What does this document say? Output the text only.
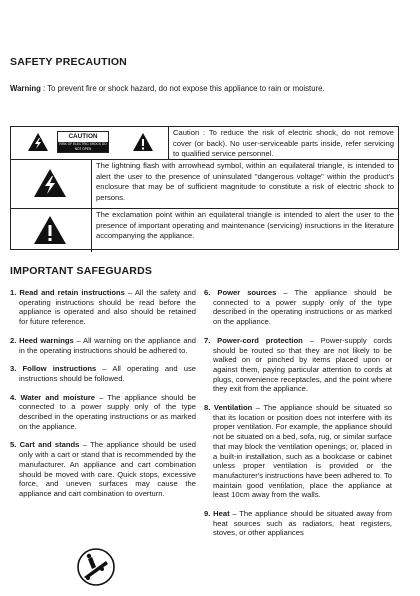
SAFETY PRECAUTION
Warning : To prevent fire or shock hazard, do not expose this appliance to rain or moisture.
CAUTION
RISK OF ELECTRIC SHOCK DO NOT OPEN
Caution : To reduce the risk of electric shock, do not remove cover (or back). No user-serviceable parts inside, refer servicing to qualified service personnel.
The lightning flash with arrowhead symbol, within an equilateral triangle, is intended to alert the user to the presence of uninsulated "dangerous voltage" within the product's enclosure that may be of sufficient magnitude to constitute a risk of electric shock to persons.
The exclamation point within an equilateral triangle is intended to alert the user to the presence of important operating and maintenance (servicing) insructions in the literature accompanying the appliance.
IMPORTANT SAFEGUARDS
1. Read and retain instructions – All the safety and operating instructions should be read before the appliance is operated and also should be retained for future reference.
2. Heed warnings – All warning on the appliance and in the operating instructions should be adhered to.
3. Follow instructions – All operating and use instructions should be followed.
4. Water and moisture – The appliance should be connected to a power supply only of the type described in the operating instructions or as marked on the appliance.
5. Cart and stands – The appliance should be used only with a cart or stand that is recommended by the manufacturer. An appliance and cart combination should be moved with care. Quick stops, excessive force, and uneven surfaces may cause the appliance and cart combination to overturn.
6. Power sources – The appliance should be connected to a power supply only of the type described in the operating instructions or as marked on the appliance.
7. Power-cord protection – Power-supply cords should be routed so that they are not likely to be walked on or pinched by items placed upon or against them, paying particular attention to cords at plugs, convenience receptacles, and the point where they exit from the appliance.
8. Ventilation – The appliance should be situated so that its location or position does not interfere with its proper ventilation. For example, the appliance should not be situated on a bed, sofa, rug, or similar surface that may block the ventilation openings; or, placed in a built-in installation, such as a bookcase or cabinet unless proper ventilation is provided or the manufacturer's instructions have been adhered to. To maintain good ventilation, place the appliance at least 10cm away from the walls.
9. Heat – The appliance should be situated away from heat sources such as radiators, heat registers, stoves, or other appliances
